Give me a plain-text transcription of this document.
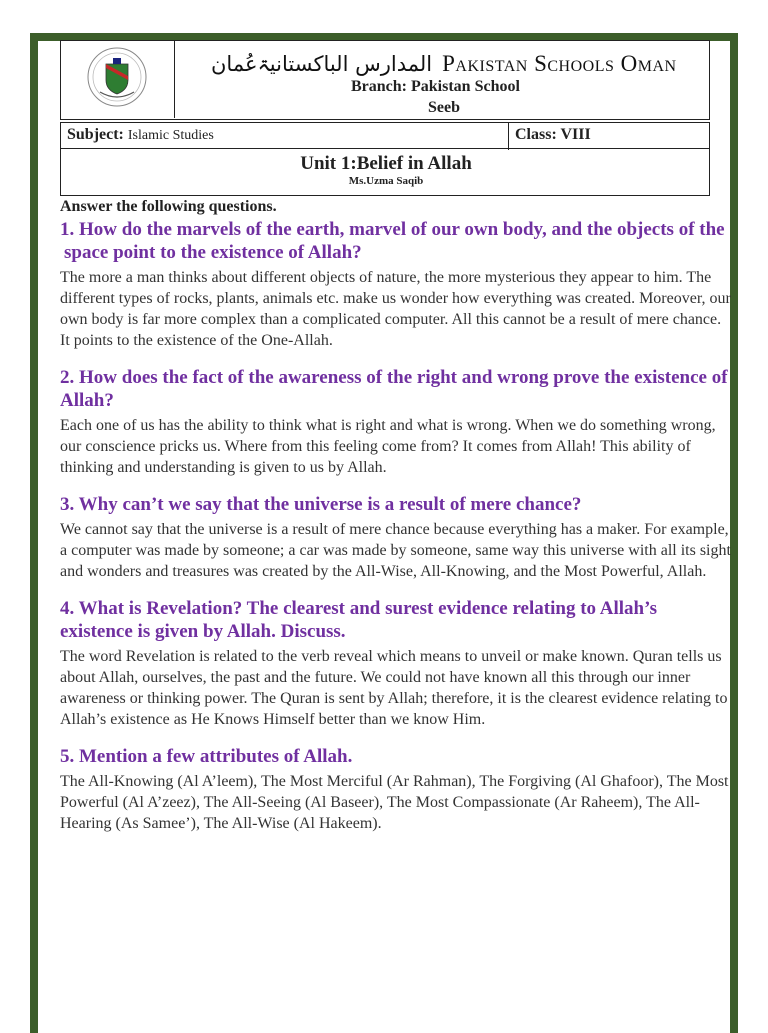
المدارس الباکستانیۃعُمان Pakistan Schools Oman
Branch: Pakistan School
Seeb
Subject: Islamic Studies	Class: VIII
Unit 1:Belief in Allah
Ms.Uzma Saqib

Answer the following questions.

1. How do the marvels of the earth, marvel of our own body, and the objects of the space point to the existence of Allah?

The more a man thinks about different objects of nature, the more mysterious they appear to him. The different types of rocks, plants, animals etc. make us wonder how everything was created. Moreover, our own body is far more complex than a complicated computer. All this cannot be a result of mere chance. It points to the existence of the One-Allah.

2. How does the fact of the awareness of the right and wrong prove the existence of Allah?

Each one of us has the ability to think what is right and what is wrong. When we do something wrong, our conscience pricks us. Where from this feeling come from? It comes from Allah! This ability of thinking and understanding is given to us by Allah.

3. Why can’t we say that the universe is a result of mere chance?

We cannot say that the universe is a result of mere chance because everything has a maker. For example, a computer was made by someone; a car was made by someone, same way this universe with all its sight and wonders and treasures was created by the All-Wise, All-Knowing, and the Most Powerful, Allah.

4. What is Revelation? The clearest and surest evidence relating to Allah’s existence is given by Allah. Discuss.

The word Revelation is related to the verb reveal which means to unveil or make known. Quran tells us about Allah, ourselves, the past and the future. We could not have known all this through our inner awareness or thinking power. The Quran is sent by Allah; therefore, it is the clearest evidence relating to Allah’s existence as He Knows Himself better than we know Him.

5. Mention a few attributes of Allah.

The All-Knowing (Al A’leem), The Most Merciful (Ar Rahman), The Forgiving (Al Ghafoor), The Most Powerful (Al A’zeez), The All-Seeing (Al Baseer), The Most Compassionate (Ar Raheem), The All-Hearing (As Samee’), The All-Wise (Al Hakeem).
